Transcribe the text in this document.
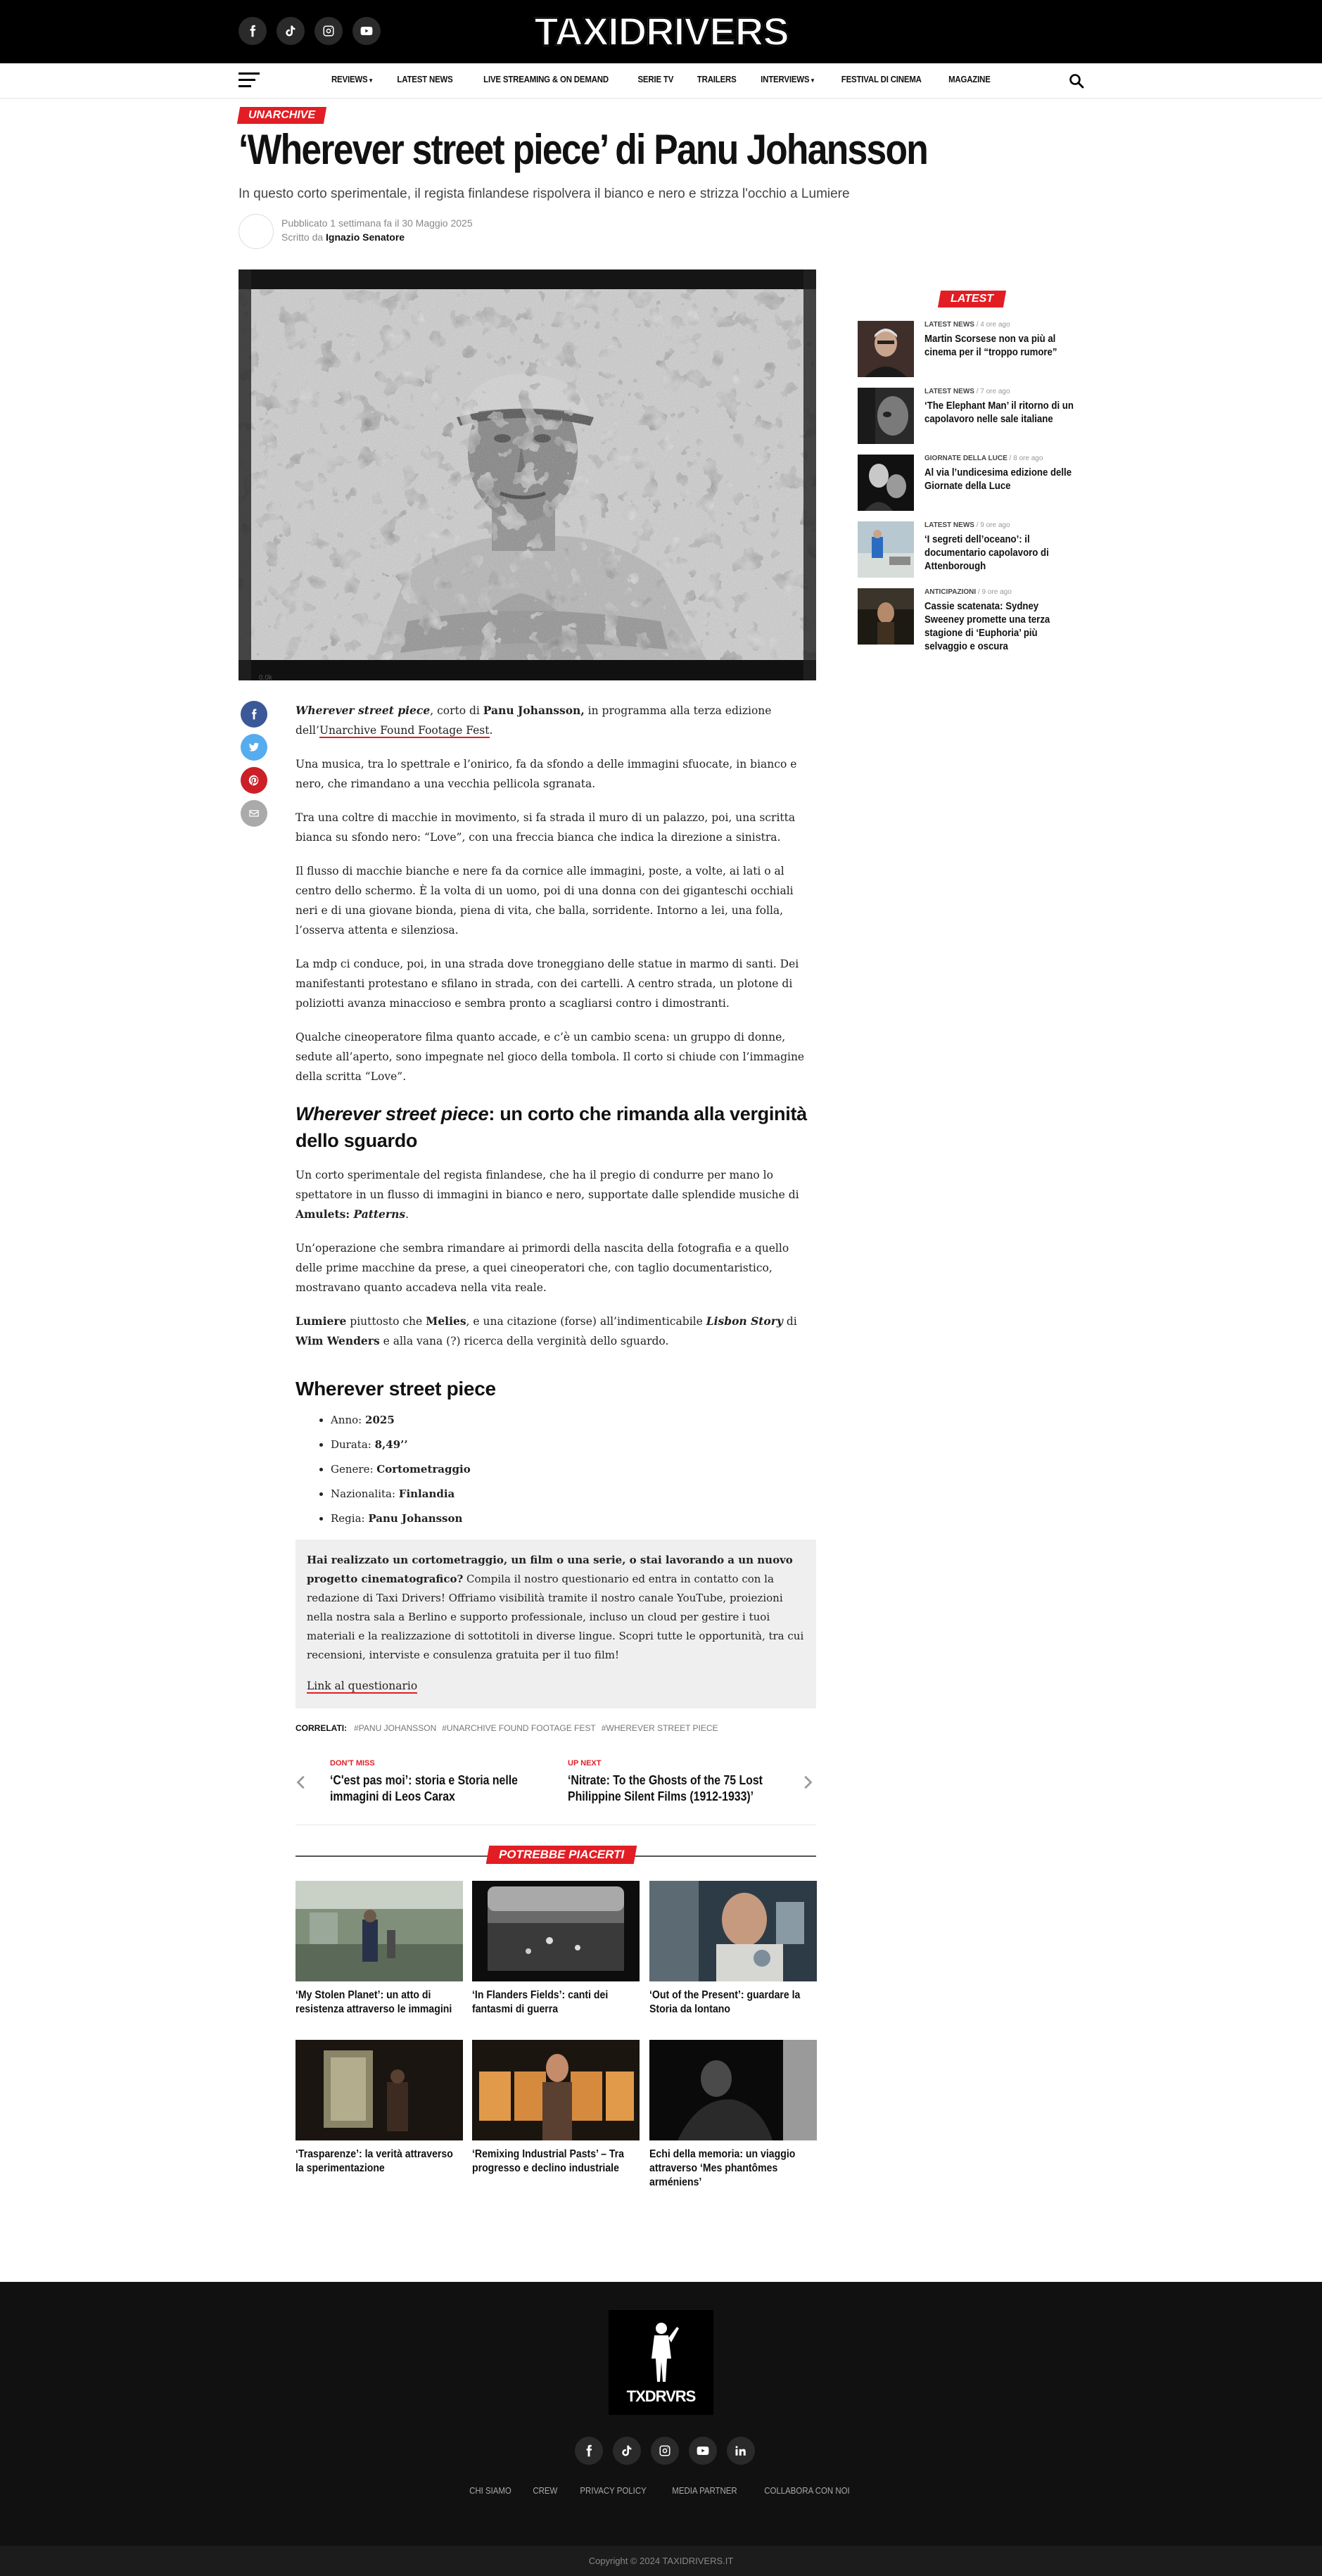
TAXIDRIVERS
REVIEWS ▾	LATEST NEWS	LIVE STREAMING & ON DEMAND	SERIE TV	TRAILERS	INTERVIEWS ▾	FESTIVAL DI CINEMA	MAGAZINE
UNARCHIVE
‘Wherever street piece’ di Panu Johansson
In questo corto sperimentale, il regista finlandese rispolvera il bianco e nero e strizza l'occhio a Lumiere
Pubblicato 1 settimana fa il 30 Maggio 2025
Scritto da Ignazio Senatore
0.0k

Wherever street piece, corto di Panu Johansson, in programma alla terza edizione dell’Unarchive Found Footage Fest.

Una musica, tra lo spettrale e l’onirico, fa da sfondo a delle immagini sfuocate, in bianco e nero, che rimandano a una vecchia pellicola sgranata.

Tra una coltre di macchie in movimento, si fa strada il muro di un palazzo, poi, una scritta bianca su sfondo nero: “Love”, con una freccia bianca che indica la direzione a sinistra.

Il flusso di macchie bianche e nere fa da cornice alle immagini, poste, a volte, ai lati o al centro dello schermo. È la volta di un uomo, poi di una donna con dei giganteschi occhiali neri e di una giovane bionda, piena di vita, che balla, sorridente. Intorno a lei, una folla, l’osserva attenta e silenziosa.

La mdp ci conduce, poi, in una strada dove troneggiano delle statue in marmo di santi. Dei manifestanti protestano e sfilano in strada, con dei cartelli. A centro strada, un plotone di poliziotti avanza minaccioso e sembra pronto a scagliarsi contro i dimostranti.

Qualche cineoperatore filma quanto accade, e c’è un cambio scena: un gruppo di donne, sedute all’aperto, sono impegnate nel gioco della tombola. Il corto si chiude con l’immagine della scritta “Love”.

Wherever street piece: un corto che rimanda alla verginità dello sguardo

Un corto sperimentale del regista finlandese, che ha il pregio di condurre per mano lo spettatore in un flusso di immagini in bianco e nero, supportate dalle splendide musiche di Amulets: Patterns.

Un’operazione che sembra rimandare ai primordi della nascita della fotografia e a quello delle prime macchine da prese, a quei cineoperatori che, con taglio documentaristico, mostravano quanto accadeva nella vita reale.

Lumiere piuttosto che Melies, e una citazione (forse) all’indimenticabile Lisbon Story di Wim Wenders e alla vana (?) ricerca della verginità dello sguardo.

Wherever street piece
• Anno: 2025
• Durata: 8,49’’
• Genere: Cortometraggio
• Nazionalita: Finlandia
• Regia: Panu Johansson

Hai realizzato un cortometraggio, un film o una serie, o stai lavorando a un nuovo progetto cinematografico? Compila il nostro questionario ed entra in contatto con la redazione di Taxi Drivers! Offriamo visibilità tramite il nostro canale YouTube, proiezioni nella nostra sala a Berlino e supporto professionale, incluso un cloud per gestire i tuoi materiali e la realizzazione di sottotitoli in diverse lingue. Scopri tutte le opportunità, tra cui recensioni, interviste e consulenza gratuita per il tuo film!

Link al questionario
CORRELATI: #PANU JOHANSSON #UNARCHIVE FOUND FOOTAGE FEST #WHEREVER STREET PIECE
DON'T MISS
‘C'est pas moi’: storia e Storia nelle immagini di Leos Carax
UP NEXT
‘Nitrate: To the Ghosts of the 75 Lost Philippine Silent Films (1912-1933)’
POTREBBE PIACERTI
‘My Stolen Planet’: un atto di resistenza attraverso le immagini
‘In Flanders Fields’: canti dei fantasmi di guerra
‘Out of the Present’: guardare la Storia da lontano
‘Trasparenze’: la verità attraverso la sperimentazione
‘Remixing Industrial Pasts’ – Tra progresso e declino industriale
Echi della memoria: un viaggio attraverso ‘Mes phantômes arméniens’
LATEST
LATEST NEWS / 4 ore ago
Martin Scorsese non va più al cinema per il “troppo rumore”
LATEST NEWS / 7 ore ago
‘The Elephant Man’ il ritorno di un capolavoro nelle sale italiane
GIORNATE DELLA LUCE / 8 ore ago
Al via l’undicesima edizione delle Giornate della Luce
LATEST NEWS / 9 ore ago
‘I segreti dell’oceano’: il documentario capolavoro di Attenborough
ANTICIPAZIONI / 9 ore ago
Cassie scatenata: Sydney Sweeney promette una terza stagione di ‘Euphoria’ più selvaggio e oscura
TXDRVRS
CHI SIAMO CREW	PRIVACY POLICY	MEDIA PARTNER	COLLABORA CON NOI
Copyright © 2024 TAXIDRIVERS.IT
